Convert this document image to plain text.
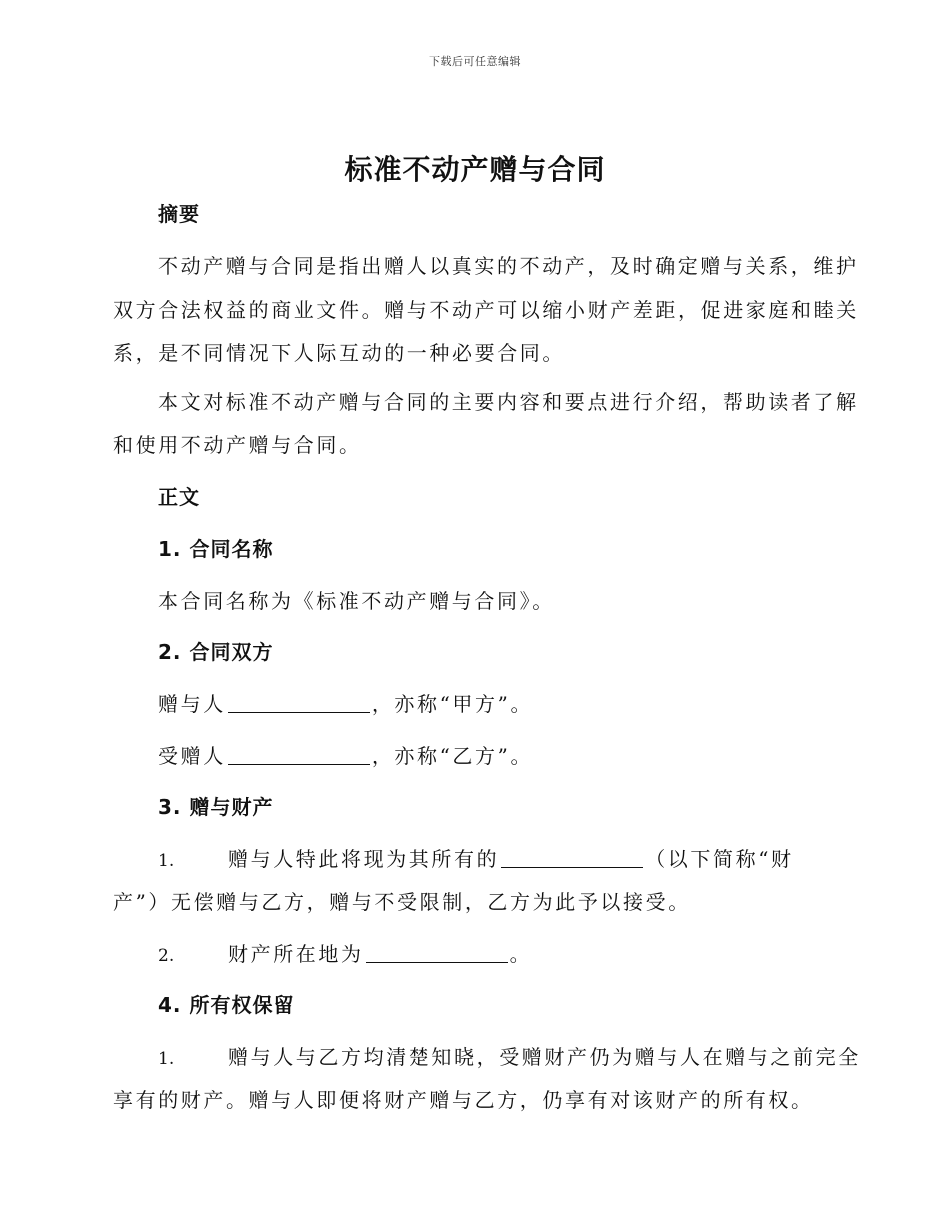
下载后可任意编辑
标准不动产赠与合同
摘要
不动产赠与合同是指出赠人以真实的不动产，及时确定赠与关系，维护
双方合法权益的商业文件。赠与不动产可以缩小财产差距，促进家庭和睦关
系，是不同情况下人际互动的一种必要合同。
本文对标准不动产赠与合同的主要内容和要点进行介绍，帮助读者了解
和使用不动产赠与合同。
正文
1. 合同名称
本合同名称为《标准不动产赠与合同》。
2. 合同双方
赠与人	，亦称“甲方”。
受赠人	，亦称“乙方”。
3. 赠与财产
1.	赠与人特此将现为其所有的	（以下简称“财
产”）无偿赠与乙方，赠与不受限制，乙方为此予以接受。
2.	财产所在地为	。
4. 所有权保留
1.	赠与人与乙方均清楚知晓，受赠财产仍为赠与人在赠与之前完全
享有的财产。赠与人即便将财产赠与乙方，仍享有对该财产的所有权。
